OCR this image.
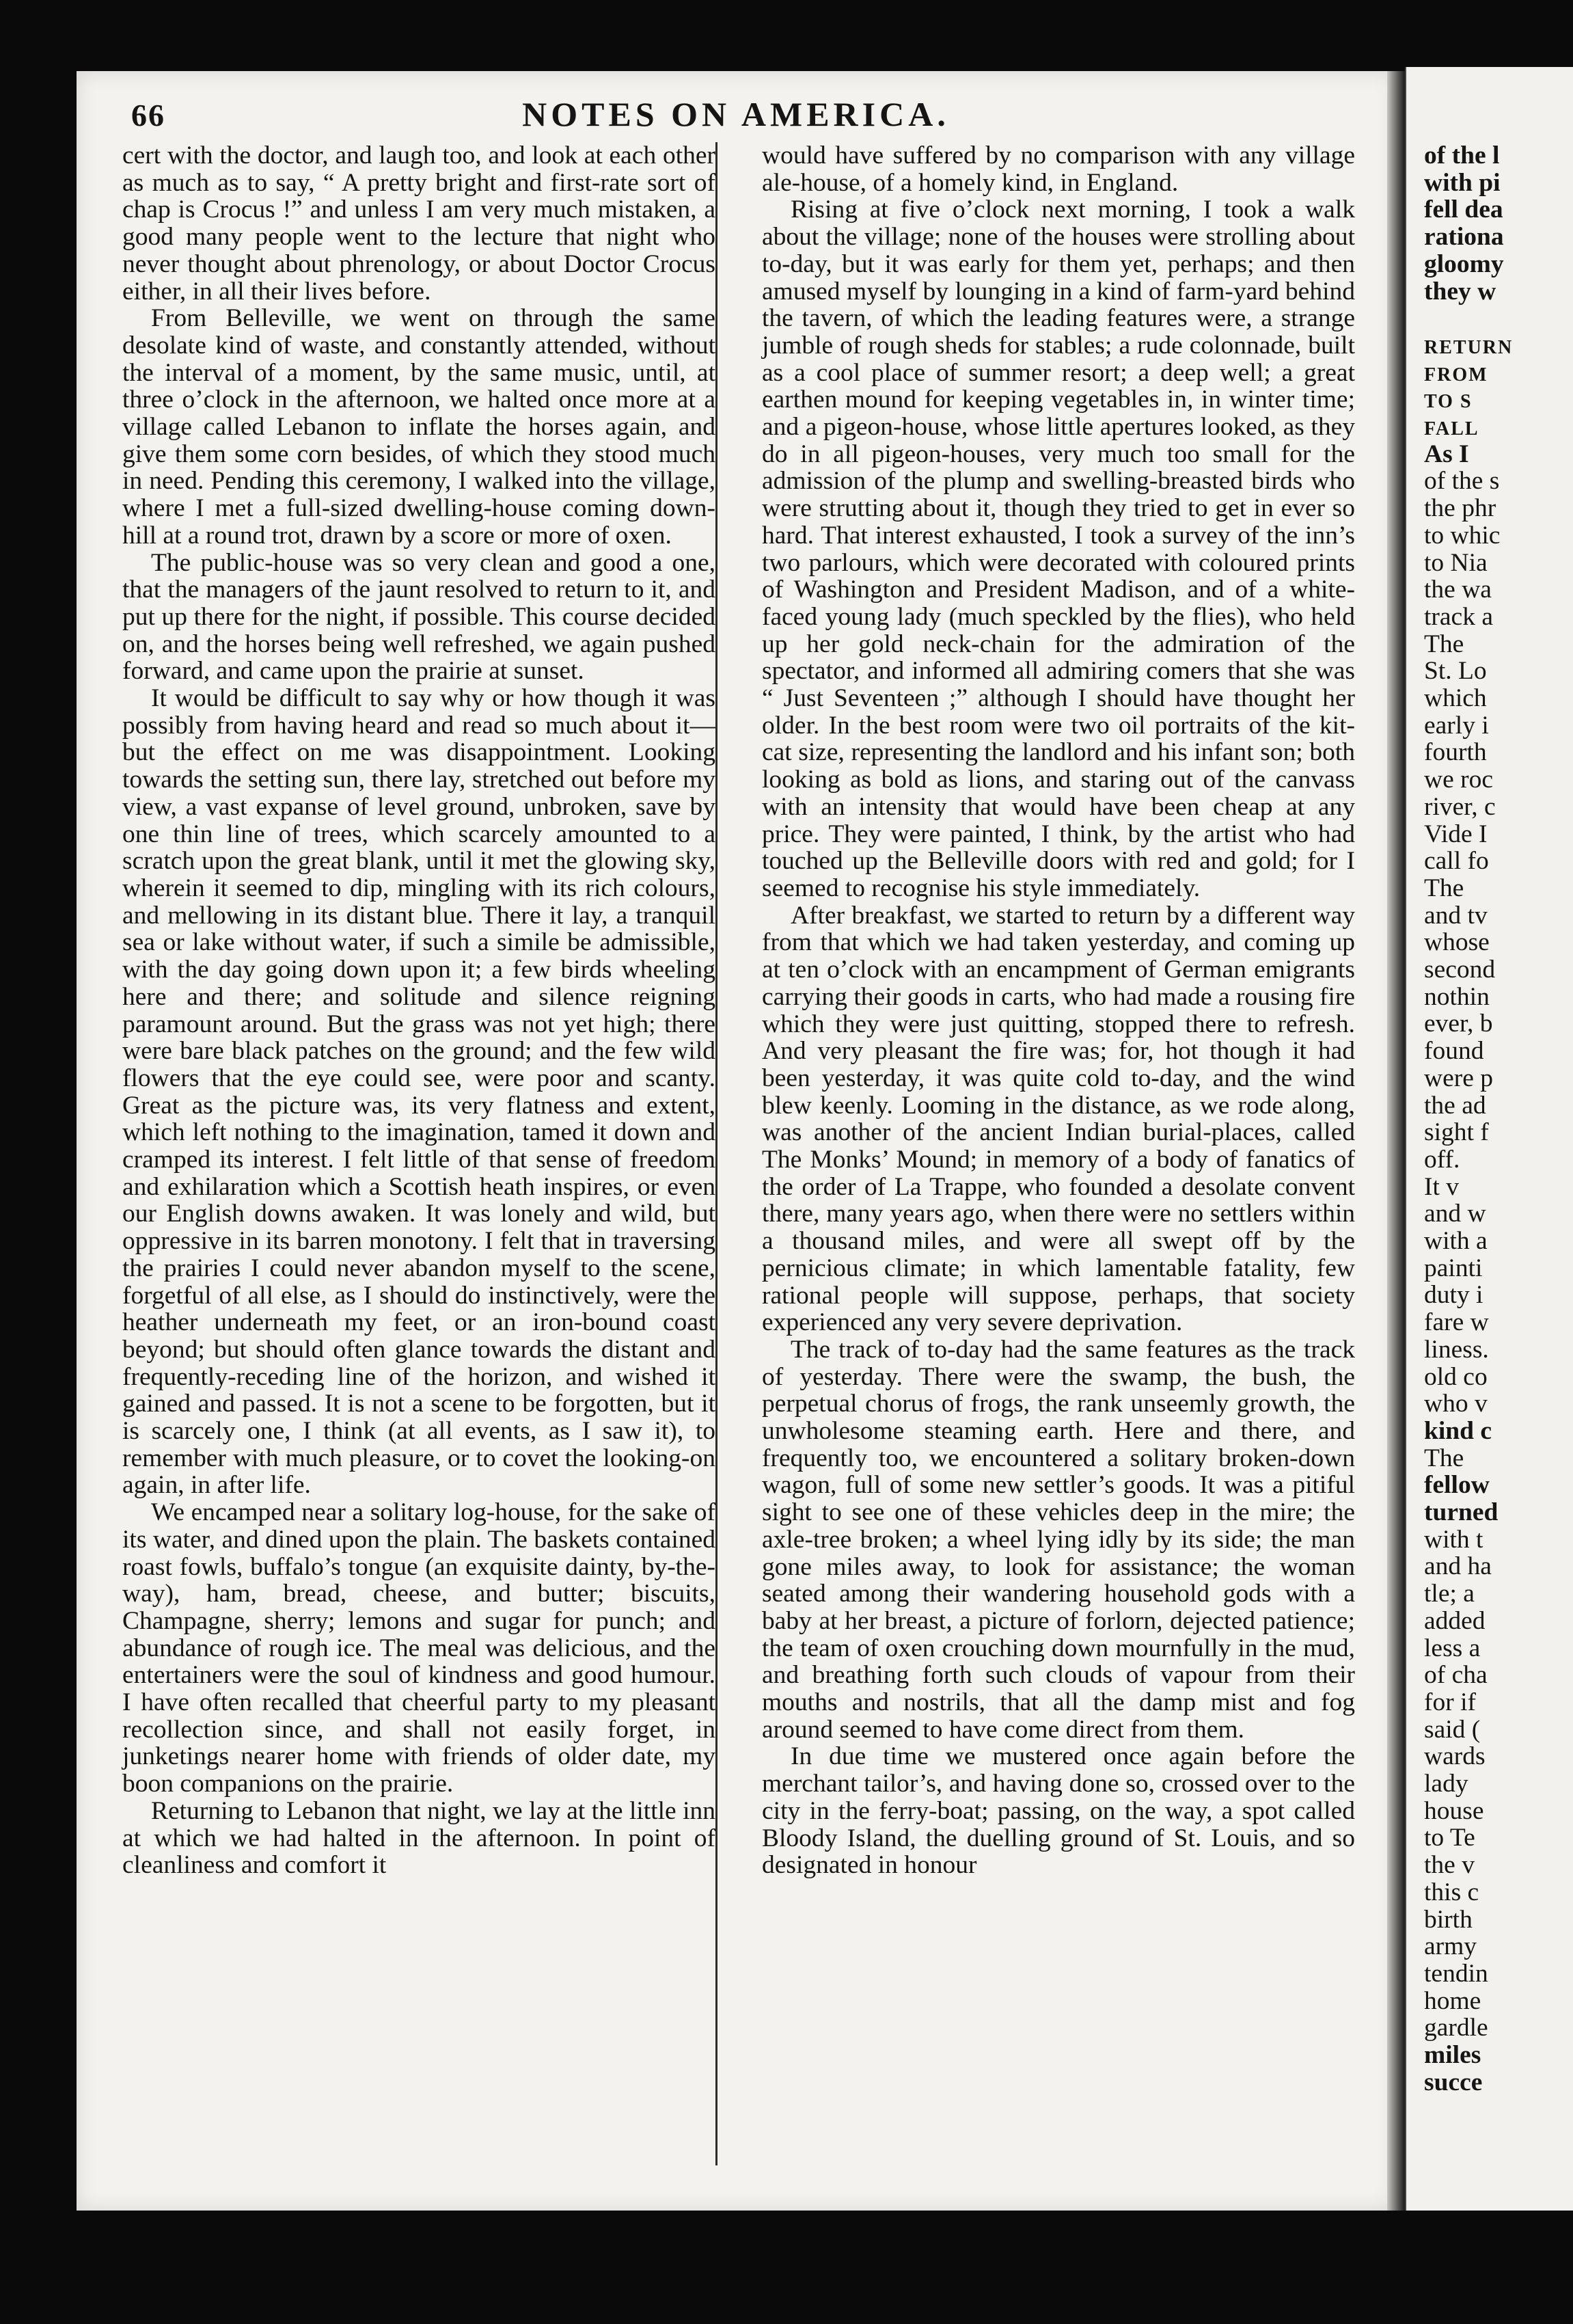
66	NOTES ON AMERICA.

cert with the doctor, and laugh too, and look at each other as much as to say, “ A pretty bright and first-rate sort of chap is Crocus !” and unless I am very much mistaken, a good many people went to the lecture that night who never thought about phrenology, or about Doctor Crocus either, in all their lives before.

From Belleville, we went on through the same desolate kind of waste, and constantly attended, without the interval of a moment, by the same music, until, at three o’clock in the afternoon, we halted once more at a village called Lebanon to inflate the horses again, and give them some corn besides, of which they stood much in need. Pending this ceremony, I walked into the village, where I met a full-sized dwelling-house coming down-hill at a round trot, drawn by a score or more of oxen.

The public-house was so very clean and good a one, that the managers of the jaunt resolved to return to it, and put up there for the night, if possible. This course decided on, and the horses being well refreshed, we again pushed forward, and came upon the prairie at sunset.

It would be difficult to say why or how though it was possibly from having heard and read so much about it—but the effect on me was disappointment. Looking towards the setting sun, there lay, stretched out before my view, a vast expanse of level ground, unbroken, save by one thin line of trees, which scarcely amounted to a scratch upon the great blank, until it met the glowing sky, wherein it seemed to dip, mingling with its rich colours, and mellowing in its distant blue. There it lay, a tranquil sea or lake without water, if such a simile be admissible, with the day going down upon it; a few birds wheeling here and there; and solitude and silence reigning paramount around. But the grass was not yet high; there were bare black patches on the ground; and the few wild flowers that the eye could see, were poor and scanty. Great as the picture was, its very flatness and extent, which left nothing to the imagination, tamed it down and cramped its interest. I felt little of that sense of freedom and exhilaration which a Scottish heath inspires, or even our English downs awaken. It was lonely and wild, but oppressive in its barren monotony. I felt that in traversing the prairies I could never abandon myself to the scene, forgetful of all else, as I should do instinctively, were the heather underneath my feet, or an iron-bound coast beyond; but should often glance towards the distant and frequently-receding line of the horizon, and wished it gained and passed. It is not a scene to be forgotten, but it is scarcely one, I think (at all events, as I saw it), to remember with much pleasure, or to covet the looking-on again, in after life.

We encamped near a solitary log-house, for the sake of its water, and dined upon the plain. The baskets contained roast fowls, buffalo’s tongue (an exquisite dainty, by-the-way), ham, bread, cheese, and butter; biscuits, Champagne, sherry; lemons and sugar for punch; and abundance of rough ice. The meal was delicious, and the entertainers were the soul of kindness and good humour. I have often recalled that cheerful party to my pleasant recollection since, and shall not easily forget, in junketings nearer home with friends of older date, my boon companions on the prairie.

Returning to Lebanon that night, we lay at the little inn at which we had halted in the afternoon. In point of cleanliness and comfort it

would have suffered by no comparison with any village ale-house, of a homely kind, in England.

Rising at five o’clock next morning, I took a walk about the village; none of the houses were strolling about to-day, but it was early for them yet, perhaps; and then amused myself by lounging in a kind of farm-yard behind the tavern, of which the leading features were, a strange jumble of rough sheds for stables; a rude colonnade, built as a cool place of summer resort; a deep well; a great earthen mound for keeping vegetables in, in winter time; and a pigeon-house, whose little apertures looked, as they do in all pigeon-houses, very much too small for the admission of the plump and swelling-breasted birds who were strutting about it, though they tried to get in ever so hard. That interest exhausted, I took a survey of the inn’s two parlours, which were decorated with coloured prints of Washington and President Madison, and of a white-faced young lady (much speckled by the flies), who held up her gold neck-chain for the admiration of the spectator, and informed all admiring comers that she was “ Just Seventeen ;” although I should have thought her older. In the best room were two oil portraits of the kit-cat size, representing the landlord and his infant son; both looking as bold as lions, and staring out of the canvass with an intensity that would have been cheap at any price. They were painted, I think, by the artist who had touched up the Belleville doors with red and gold; for I seemed to recognise his style immediately.

After breakfast, we started to return by a different way from that which we had taken yesterday, and coming up at ten o’clock with an encampment of German emigrants carrying their goods in carts, who had made a rousing fire which they were just quitting, stopped there to refresh. And very pleasant the fire was; for, hot though it had been yesterday, it was quite cold to-day, and the wind blew keenly. Looming in the distance, as we rode along, was another of the ancient Indian burial-places, called The Monks’ Mound; in memory of a body of fanatics of the order of La Trappe, who founded a desolate convent there, many years ago, when there were no settlers within a thousand miles, and were all swept off by the pernicious climate; in which lamentable fatality, few rational people will suppose, perhaps, that society experienced any very severe deprivation.

The track of to-day had the same features as the track of yesterday. There were the swamp, the bush, the perpetual chorus of frogs, the rank unseemly growth, the unwholesome steaming earth. Here and there, and frequently too, we encountered a solitary broken-down wagon, full of some new settler’s goods. It was a pitiful sight to see one of these vehicles deep in the mire; the axle-tree broken; a wheel lying idly by its side; the man gone miles away, to look for assistance; the woman seated among their wandering household gods with a baby at her breast, a picture of forlorn, dejected patience; the team of oxen crouching down mournfully in the mud, and breathing forth such clouds of vapour from their mouths and nostrils, that all the damp mist and fog around seemed to have come direct from them.

In due time we mustered once again before the merchant tailor’s, and having done so, crossed over to the city in the ferry-boat; passing, on the way, a spot called Bloody Island, the duelling ground of St. Louis, and so designated in honour

of the l
with pi
fell dea
rationa
gloomy
they w
RETURN
FROM
TO S
FALL
As I
of the s
the phr
to whic
to Nia
the wa
track a
The
St. Lo
which
early i
fourth
we roc
river, c
Vide I
call fo
The
and tv
whose
second
nothin
ever, b
found
were p
the ad
sight f
off.
It v
and w
with a
painti
duty i
fare w
liness.
old co
who v
kind c
The
fellow
turned
with t
and ha
tle; a
added
less a
of cha
for if
said (
wards
lady
house
to Te
the v
this c
birth
army
tendin
home
gardle
miles
succe
